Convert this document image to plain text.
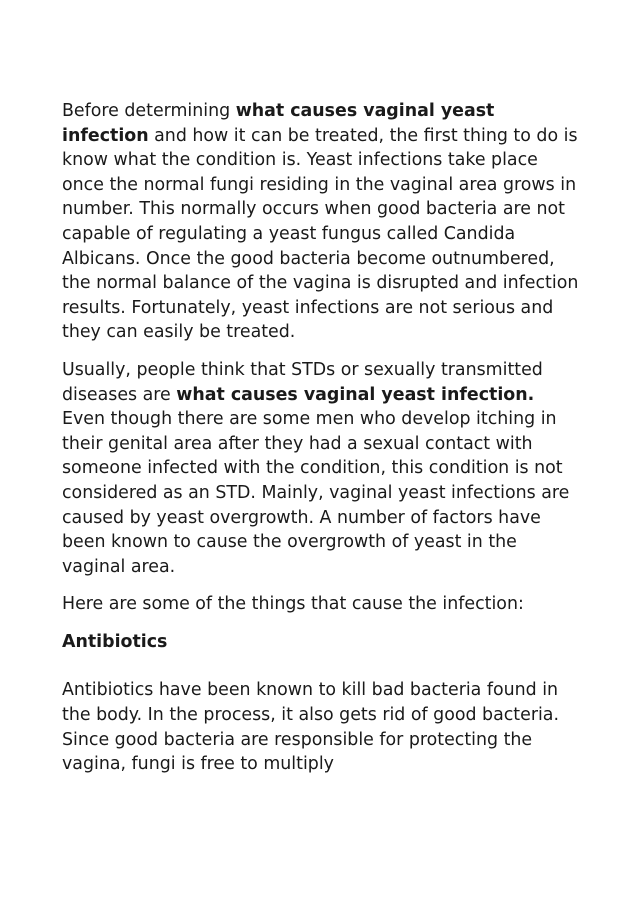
Before determining what causes vaginal yeast infection and how it can be treated, the first thing to do is know what the condition is. Yeast infections take place once the normal fungi residing in the vaginal area grows in number. This normally occurs when good bacteria are not capable of regulating a yeast fungus called Candida Albicans. Once the good bacteria become outnumbered, the normal balance of the vagina is disrupted and infection results. Fortunately, yeast infections are not serious and they can easily be treated.

Usually, people think that STDs or sexually transmitted diseases are what causes vaginal yeast infection. Even though there are some men who develop itching in their genital area after they had a sexual contact with someone infected with the condition, this condition is not considered as an STD. Mainly, vaginal yeast infections are caused by yeast overgrowth. A number of factors have been known to cause the overgrowth of yeast in the vaginal area.

Here are some of the things that cause the infection:

Antibiotics

Antibiotics have been known to kill bad bacteria found in the body. In the process, it also gets rid of good bacteria. Since good bacteria are responsible for protecting the vagina, fungi is free to multiply
